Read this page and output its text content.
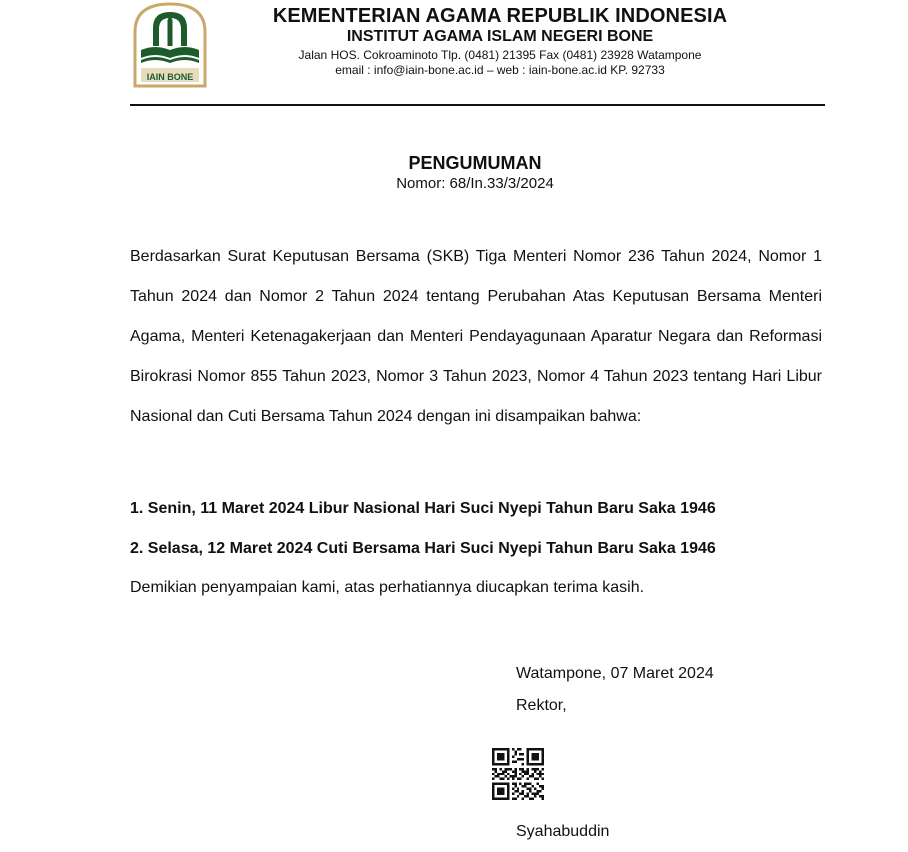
IAIN BONE
KEMENTERIAN AGAMA REPUBLIK INDONESIA
INSTITUT AGAMA ISLAM NEGERI BONE
Jalan HOS. Cokroaminoto Tlp. (0481) 21395 Fax (0481) 23928 Watampone
email : info@iain-bone.ac.id – web : iain-bone.ac.id KP. 92733
PENGUMUMAN
Nomor: 68/In.33/3/2024
Berdasarkan Surat Keputusan Bersama (SKB) Tiga Menteri Nomor 236 Tahun 2024, Nomor 1 Tahun 2024 dan Nomor 2 Tahun 2024 tentang Perubahan Atas Keputusan Bersama Menteri Agama, Menteri Ketenagakerjaan dan Menteri Pendayagunaan Aparatur Negara dan Reformasi Birokrasi Nomor 855 Tahun 2023, Nomor 3 Tahun 2023, Nomor 4 Tahun 2023 tentang Hari Libur Nasional dan Cuti Bersama Tahun 2024 dengan ini disampaikan bahwa:
1. Senin, 11 Maret 2024 Libur Nasional Hari Suci Nyepi Tahun Baru Saka 1946
2. Selasa, 12 Maret 2024 Cuti Bersama Hari Suci Nyepi Tahun Baru Saka 1946
Demikian penyampaian kami, atas perhatiannya diucapkan terima kasih.
Watampone, 07 Maret 2024
Rektor,
Syahabuddin
